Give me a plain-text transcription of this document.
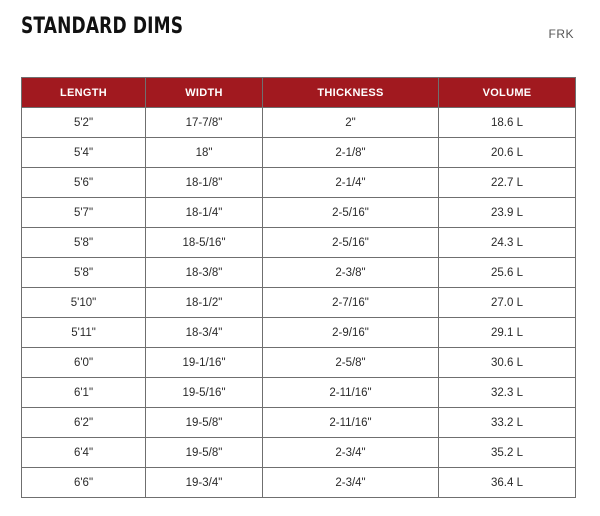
STANDARD DIMS	FRK
LENGTH	WIDTH	THICKNESS	VOLUME
5'2"	17-7/8"	2"	18.6 L
5'4"	18"	2-1/8"	20.6 L
5'6"	18-1/8"	2-1/4"	22.7 L
5'7"	18-1/4"	2-5/16"	23.9 L
5'8"	18-5/16"	2-5/16"	24.3 L
5'8"	18-3/8"	2-3/8"	25.6 L
5'10"	18-1/2"	2-7/16"	27.0 L
5'11"	18-3/4"	2-9/16"	29.1 L
6'0"	19-1/16"	2-5/8"	30.6 L
6'1"	19-5/16"	2-11/16"	32.3 L
6'2"	19-5/8"	2-11/16"	33.2 L
6'4"	19-5/8"	2-3/4"	35.2 L
6'6"	19-3/4"	2-3/4"	36.4 L
